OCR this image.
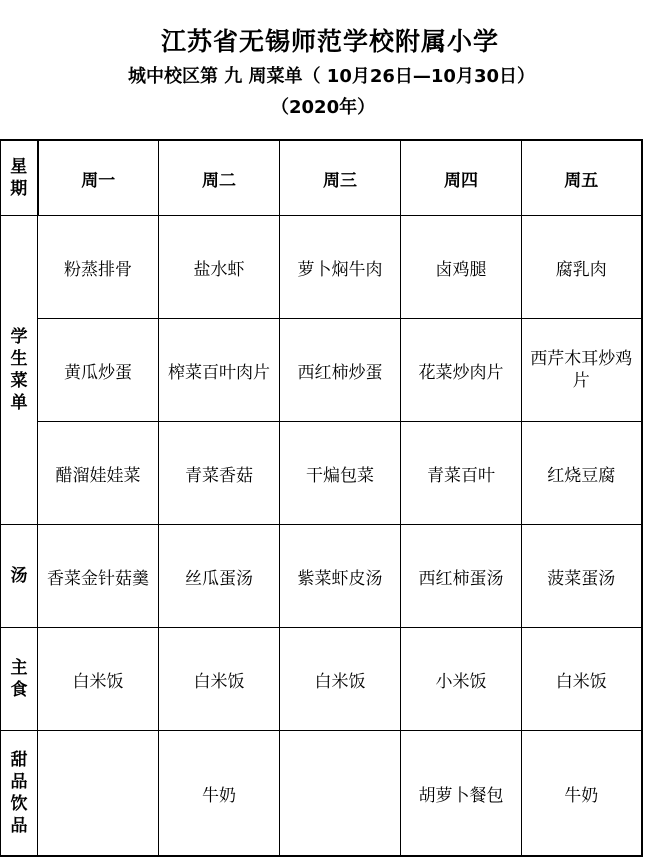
江苏省无锡师范学校附属小学
城中校区第 九 周菜单（ 10月26日—10月30日）
（2020年）
星期	周一	周二	周三	周四	周五
学生菜单	粉蒸排骨	盐水虾	萝卜焖牛肉	卤鸡腿	腐乳肉
	黄瓜炒蛋	榨菜百叶肉片	西红柿炒蛋	花菜炒肉片	西芹木耳炒鸡片
	醋溜娃娃菜	青菜香菇	干煸包菜	青菜百叶	红烧豆腐
汤	香菜金针菇羹	丝瓜蛋汤	紫菜虾皮汤	西红柿蛋汤	菠菜蛋汤
主食	白米饭	白米饭	白米饭	小米饭	白米饭
甜品饮品		牛奶		胡萝卜餐包	牛奶
